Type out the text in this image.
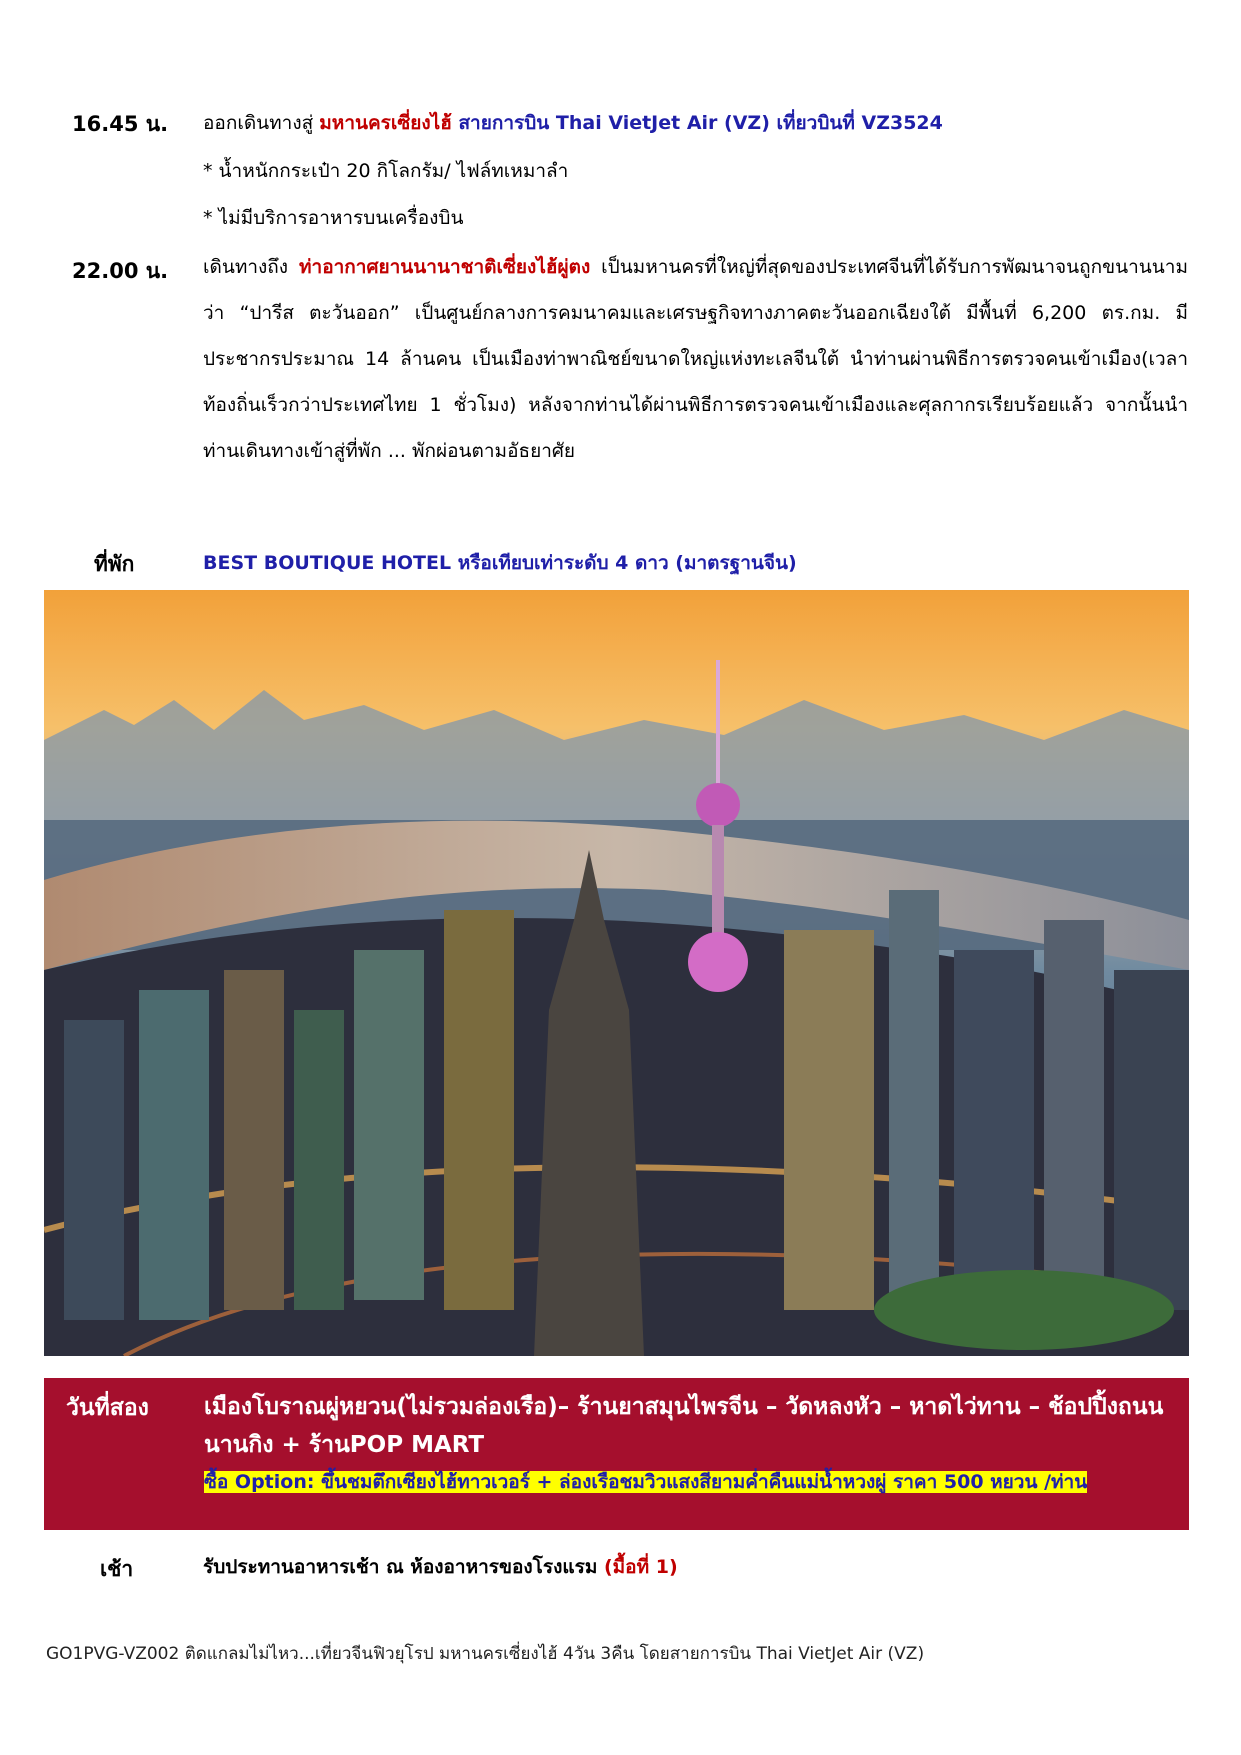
16.45 น. ออกเดินทางสู่ มหานครเซี่ยงไฮ้ สายการบิน Thai VietJet Air (VZ) เที่ยวบินที่ VZ3524
* น้ำหนักกระเป๋า 20 กิโลกรัม/ ไฟล์ทเหมาลำ
* ไม่มีบริการอาหารบนเครื่องบิน
22.00 น. เดินทางถึง ท่าอากาศยานนานาชาติเซี่ยงไฮ้ผู่ตง เป็นมหานครที่ใหญ่ที่สุดของประเทศจีนที่ได้รับการพัฒนาจนถูกขนานนามว่า “ปารีส ตะวันออก” เป็นศูนย์กลางการคมนาคมและเศรษฐกิจทางภาคตะวันออกเฉียงใต้ มีพื้นที่ 6,200 ตร.กม. มีประชากรประมาณ 14 ล้านคน เป็นเมืองท่าพาณิชย์ขนาดใหญ่แห่งทะเลจีนใต้ นำท่านผ่านพิธีการตรวจคนเข้าเมือง(เวลาท้องถิ่นเร็วกว่าประเทศไทย 1 ชั่วโมง) หลังจากท่านได้ผ่านพิธีการตรวจคนเข้าเมืองและศุลกากรเรียบร้อยแล้ว จากนั้นนำท่านเดินทางเข้าสู่ที่พัก ... พักผ่อนตามอัธยาศัย
ที่พัก	BEST BOUTIQUE HOTEL หรือเทียบเท่าระดับ 4 ดาว (มาตรฐานจีน)
วันที่สอง เมืองโบราณผู่หยวน(ไม่รวมล่องเรือ)– ร้านยาสมุนไพรจีน – วัดหลงหัว – หาดไว่ทาน – ช้อปปิ้งถนนนานกิง + ร้านPOP MART
ซื้อ Option: ขึ้นชมตึกเซียงไฮ้ทาวเวอร์ + ล่องเรือชมวิวแสงสียามค่ำคืนแม่น้ำหวงผู่ ราคา 500 หยวน /ท่าน
เช้า	รับประทานอาหารเช้า ณ ห้องอาหารของโรงแรม (มื้อที่ 1)
GO1PVG-VZ002 ติดแกลมไม่ไหว...เที่ยวจีนฟิวยุโรป มหานครเซี่ยงไฮ้ 4วัน 3คืน โดยสายการบิน Thai VietJet Air (VZ)
